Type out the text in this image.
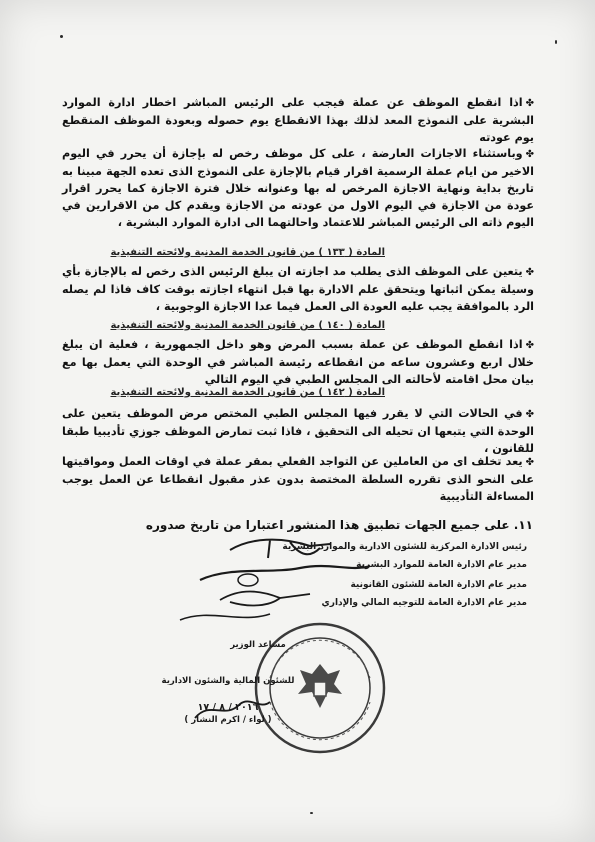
✤اذا انقطع الموظف عن عملة فيجب على الرئيس المباشر اخطار ادارة الموارد البشرية على النموذج المعد لذلك بهذا الانقطاع يوم حصوله وبعودة الموظف المنقطع يوم عودته
✤وباستثناء الاجازات العارضة ، على كل موظف رخص له بإجازة أن يحرر في اليوم الاخير من ايام عملة الرسمية اقرار قيام بالإجازة على النموذج الذى تعده الجهة مبينا به تاريخ بداية ونهاية الاجازة المرخص له بها وعنوانه خلال فترة الاجازة كما يحرر اقرار عودة من الاجازة في اليوم الاول من عودته من الاجازة ويقدم كل من الاقرارين في اليوم ذاته الى الرئيس المباشر للاعتماد واحالتهما الى ادارة الموارد البشرية ،
المادة ( ١٣٣ ) من قانون الخدمة المدنية ولائحته التنفيذية
✤يتعين على الموظف الذى يطلب مد اجازته ان يبلغ الرئيس الذى رخص له بالإجازة بأي وسيلة يمكن اثباتها ويتحقق علم الادارة بها قبل انتهاء اجازته بوقت كاف فاذا لم يصله الرد بالموافقة يجب عليه العودة الى العمل فيما عدا الاجازة الوجوبية ،
المادة ( ١٤٠ ) من قانون الخدمة المدنية ولائحته التنفيذية
✤اذا انقطع الموظف عن عملة بسبب المرض وهو داخل الجمهورية ، فعلية ان يبلغ خلال اربع وعشرون ساعه من انقطاعه رئيسة المباشر في الوحدة التي يعمل بها مع بيان محل اقامته لأحالته الى المجلس الطبي في اليوم التالي
المادة ( ١٤٢ ) من قانون الخدمة المدنية ولائحته التنفيذية
✤في الحالات التي لا يقرر فيها المجلس الطبي المختص مرض الموظف يتعين على الوحدة التي يتبعها ان تحيله الى التحقيق ، فاذا ثبت تمارض الموظف جوزي تأديبيا طبقا للقانون ،
✤يعد تخلف اى من العاملين عن التواجد الفعلي بمقر عملة في اوقات العمل ومواقيتها على النحو الذى تقرره السلطة المختصة بدون عذر مقبول انقطاعا عن العمل يوجب المساءلة التأديبية
١١. على جميع الجهات تطبيق هذا المنشور اعتبارا من تاريخ صدوره
رئيس الادارة المركزية للشئون الادارية والموارد البشرية
مدير عام الادارة العامة للموارد البشرية
مدير عام الادارة العامة للشئون القانونية
مدير عام الادارة العامة للتوجيه المالي والإداري
مساعد الوزير
للشئون المالية والشئون الادارية
٢٠١٦ / ٨ / ١٧
( لواء / اكرم النشار )
